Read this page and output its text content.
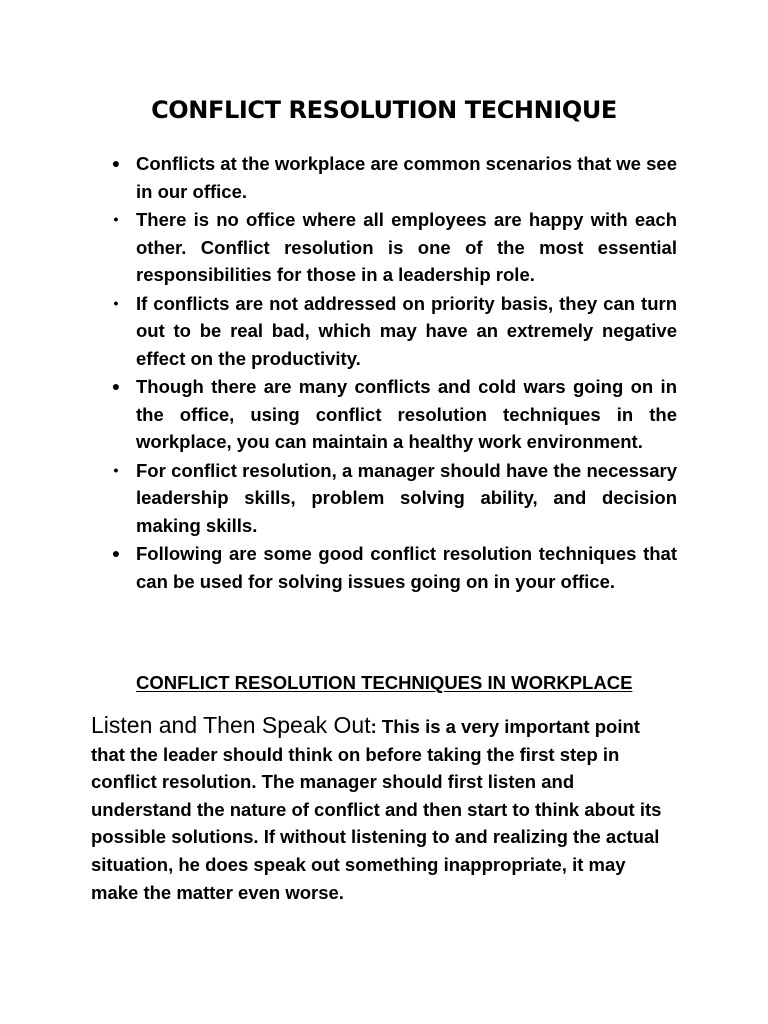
CONFLICT RESOLUTION TECHNIQUE
● Conflicts at the workplace are common scenarios that we see in our office.
• There is no office where all employees are happy with each other. Conflict resolution is one of the most essential responsibilities for those in a leadership role.
• If conflicts are not addressed on priority basis, they can turn out to be real bad, which may have an extremely negative effect on the productivity.
● Though there are many conflicts and cold wars going on in the office, using conflict resolution techniques in the workplace, you can maintain a healthy work environment.
• For conflict resolution, a manager should have the necessary leadership skills, problem solving ability, and decision making skills.
● Following are some good conflict resolution techniques that can be used for solving issues going on in your office.
CONFLICT RESOLUTION TECHNIQUES IN WORKPLACE

Listen and Then Speak Out: This is a very important point that the leader should think on before taking the first step in conflict resolution. The manager should first listen and understand the nature of conflict and then start to think about its possible solutions. If without listening to and realizing the actual situation, he does speak out something inappropriate, it may make the matter even worse.
